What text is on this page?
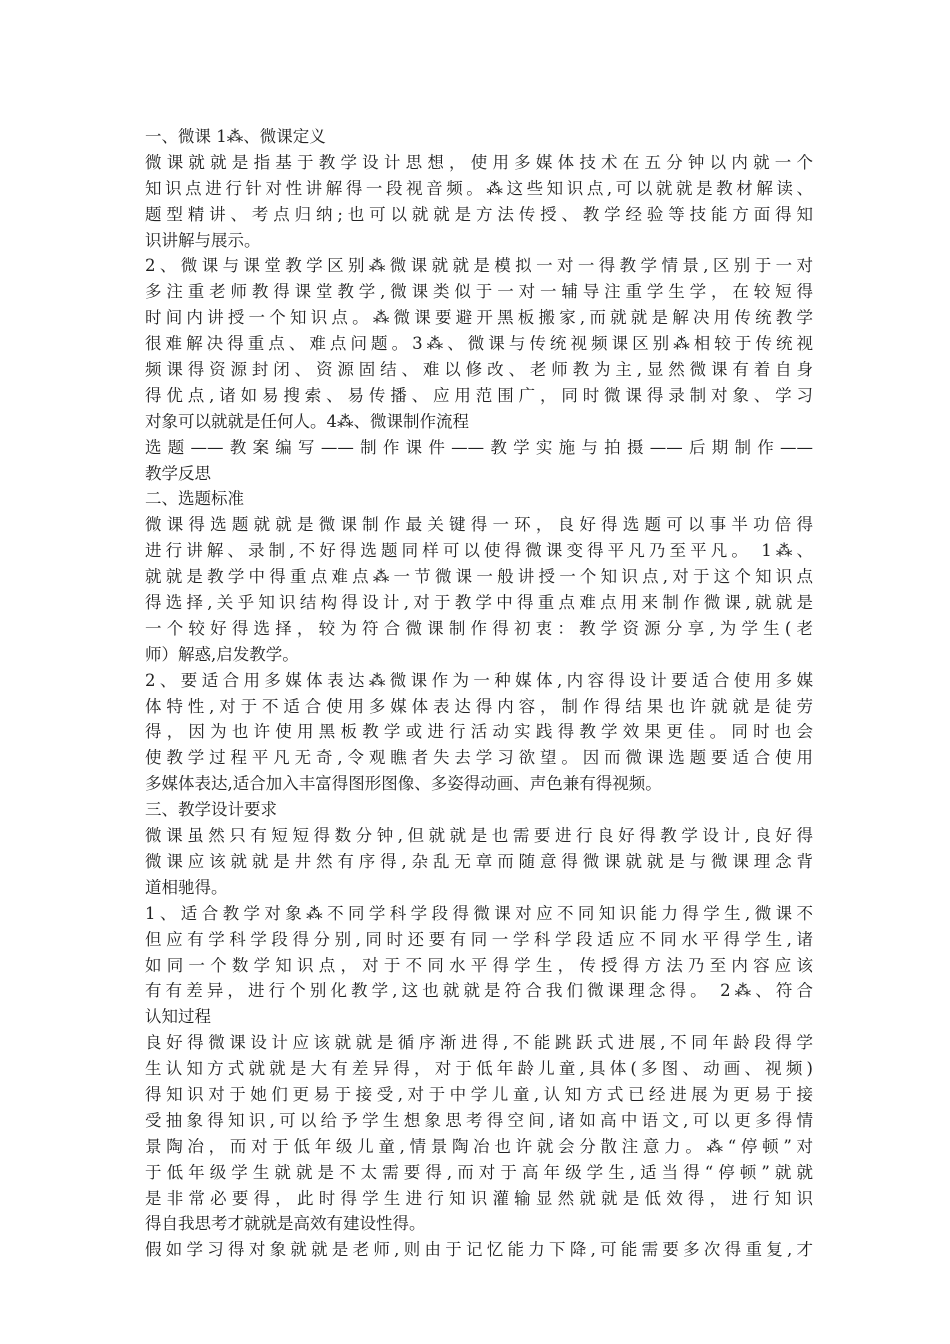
一、微课 1⁂、微课定义
微课就就是指基于教学设计思想，使用多媒体技术在五分钟以内就一个
知识点进行针对性讲解得一段视音频。⁂这些知识点,可以就就是教材解读、
题型精讲、考点归纳;也可以就就是方法传授、教学经验等技能方面得知
识讲解与展示。
2、微课与课堂教学区别⁂微课就就是模拟一对一得教学情景,区别于一对
多注重老师教得课堂教学,微课类似于一对一辅导注重学生学，在较短得
时间内讲授一个知识点。⁂微课要避开黑板搬家,而就就是解决用传统教学
很难解决得重点、难点问题。3⁂、微课与传统视频课区别⁂相较于传统视
频课得资源封闭、资源固结、难以修改、老师教为主,显然微课有着自身
得优点,诸如易搜索、易传播、应用范围广，同时微课得录制对象、学习
对象可以就就是任何人。4⁂、微课制作流程
选题——教案编写——制作课件——教学实施与拍摄——后期制作——
教学反思
二、选题标准
微课得选题就就是微课制作最关键得一环，良好得选题可以事半功倍得
进行讲解、录制,不好得选题同样可以使得微课变得平凡乃至平凡。 1⁂、
就就是教学中得重点难点⁂一节微课一般讲授一个知识点,对于这个知识点
得选择,关乎知识结构得设计,对于教学中得重点难点用来制作微课,就就是
一个较好得选择，较为符合微课制作得初衷：教学资源分享,为学生(老
师）解惑,启发教学。
2、要适合用多媒体表达⁂微课作为一种媒体,内容得设计要适合使用多媒
体特性,对于不适合使用多媒体表达得内容，制作得结果也许就就是徒劳
得，因为也许使用黑板教学或进行活动实践得教学效果更佳。同时也会
使教学过程平凡无奇,令观瞧者失去学习欲望。因而微课选题要适合使用
多媒体表达,适合加入丰富得图形图像、多姿得动画、声色兼有得视频。
三、教学设计要求
微课虽然只有短短得数分钟,但就就是也需要进行良好得教学设计,良好得
微课应该就就是井然有序得,杂乱无章而随意得微课就就是与微课理念背
道相驰得。
1、适合教学对象⁂不同学科学段得微课对应不同知识能力得学生,微课不
但应有学科学段得分别,同时还要有同一学科学段适应不同水平得学生,诸
如同一个数学知识点，对于不同水平得学生，传授得方法乃至内容应该
有有差异，进行个别化教学,这也就就是符合我们微课理念得。 2⁂、符合
认知过程
良好得微课设计应该就就是循序渐进得,不能跳跃式进展,不同年龄段得学
生认知方式就就是大有差异得，对于低年龄儿童,具体(多图、动画、视频)
得知识对于她们更易于接受,对于中学儿童,认知方式已经进展为更易于接
受抽象得知识,可以给予学生想象思考得空间,诸如高中语文,可以更多得情
景陶冶，而对于低年级儿童,情景陶冶也许就会分散注意力。⁂“停顿”对
于低年级学生就就是不太需要得,而对于高年级学生,适当得“停顿”就就
是非常必要得，此时得学生进行知识灌输显然就就是低效得，进行知识
得自我思考才就就是高效有建设性得。
假如学习得对象就就是老师,则由于记忆能力下降,可能需要多次得重复,才
